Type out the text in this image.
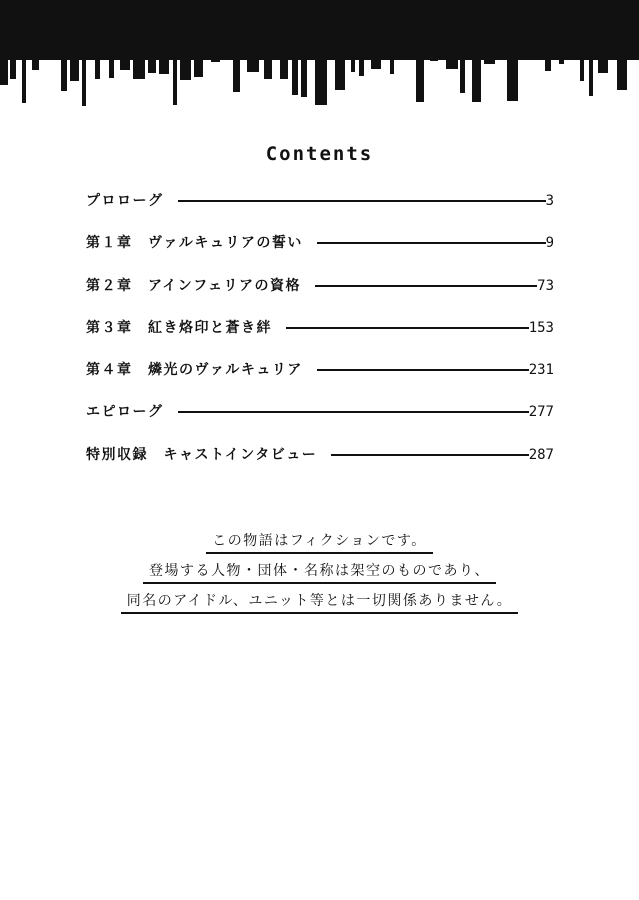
Contents
プロローグ	3
第１章　ヴァルキュリアの誓い	9
第２章　アインフェリアの資格	73
第３章　紅き烙印と蒼き絆	153
第４章　燐光のヴァルキュリア	231
エピローグ	277
特別収録　キャストインタビュー	287
この物語はフィクションです。
登場する人物・団体・名称は架空のものであり、
同名のアイドル、ユニット等とは一切関係ありません。
